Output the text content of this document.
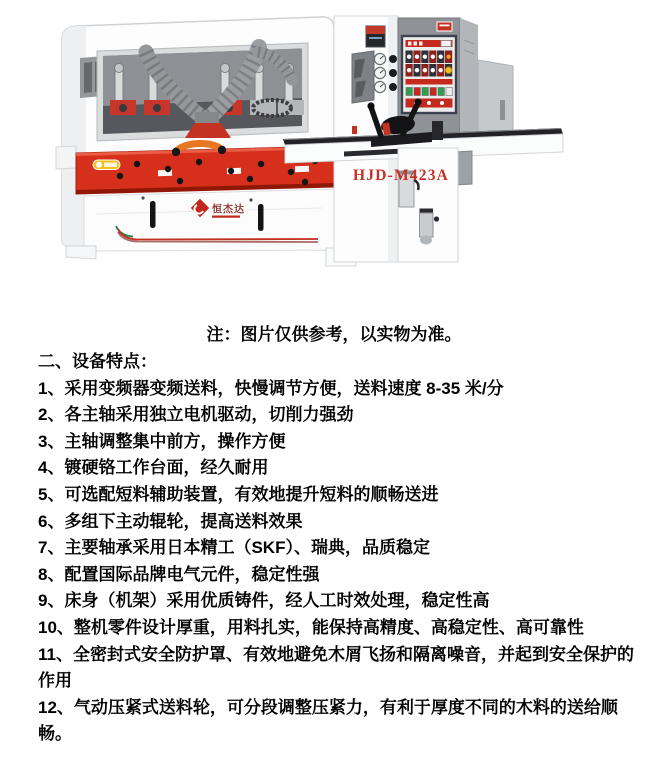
恒杰达
HJD-M423A

注：图片仅供参考，以实物为准。

二、设备特点：

1、采用变频器变频送料，快慢调节方便，送料速度 8-35 米/分

2、各主轴采用独立电机驱动，切削力强劲

3、主轴调整集中前方，操作方便

4、镀硬铬工作台面，经久耐用

5、可选配短料辅助装置，有效地提升短料的顺畅送进

6、多组下主动辊轮，提高送料效果

7、主要轴承采用日本精工（SKF）、瑞典，品质稳定

8、配置国际品牌电气元件，稳定性强

9、床身（机架）采用优质铸件，经人工时效处理，稳定性高

10、整机零件设计厚重，用料扎实，能保持高精度、高稳定性、高可靠性

11、全密封式安全防护罩、有效地避免木屑飞扬和隔离噪音，并起到安全保护的作用

12、气动压紧式送料轮，可分段调整压紧力，有利于厚度不同的木料的送给顺畅。
